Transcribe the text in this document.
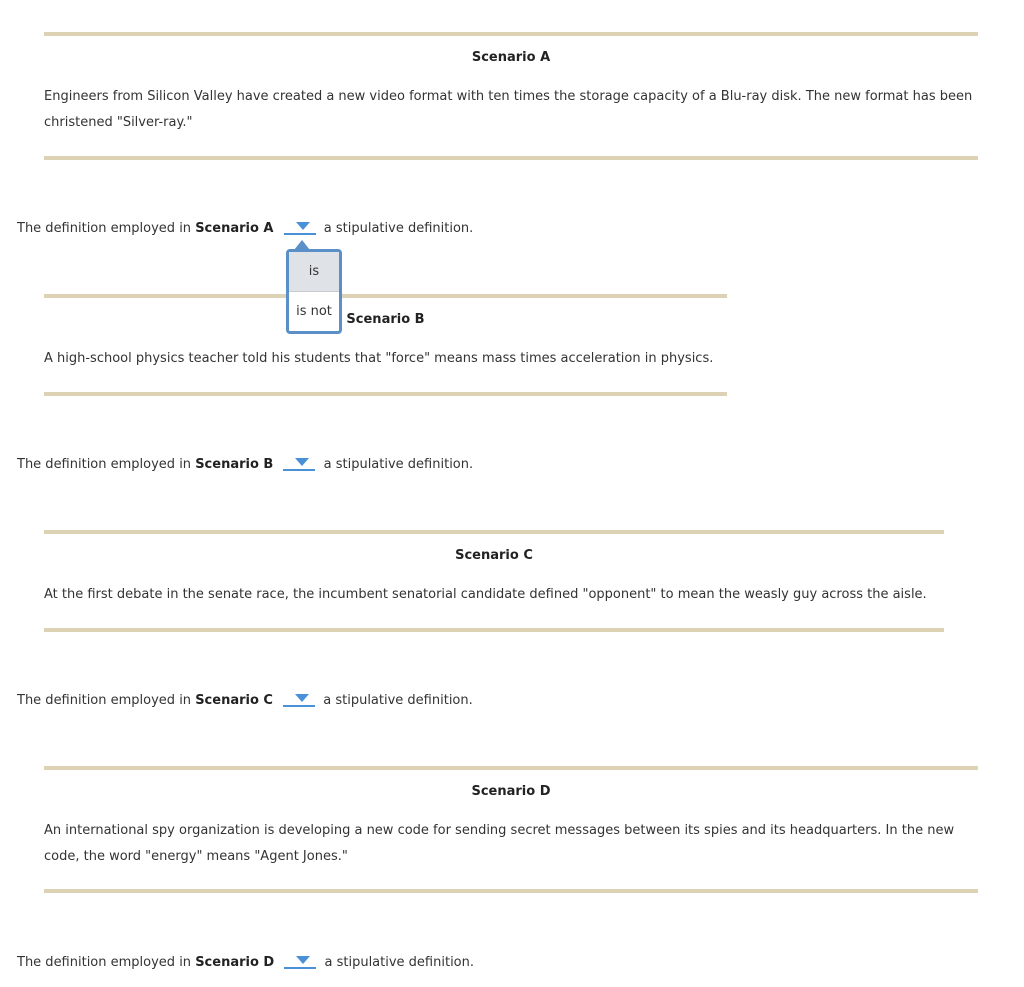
Scenario A
Engineers from Silicon Valley have created a new video format with ten times the storage capacity of a Blu-ray disk. The new format has been christened "Silver-ray."
The definition employed in Scenario A	a stipulative definition.
Scenario B
A high-school physics teacher told his students that "force" means mass times acceleration in physics.
The definition employed in Scenario B	a stipulative definition.
Scenario C
At the first debate in the senate race, the incumbent senatorial candidate defined "opponent" to mean the weasly guy across the aisle.
The definition employed in Scenario C	a stipulative definition.
Scenario D
An international spy organization is developing a new code for sending secret messages between its spies and its headquarters. In the new code, the word "energy" means "Agent Jones."
The definition employed in Scenario D	a stipulative definition.
is
is not
